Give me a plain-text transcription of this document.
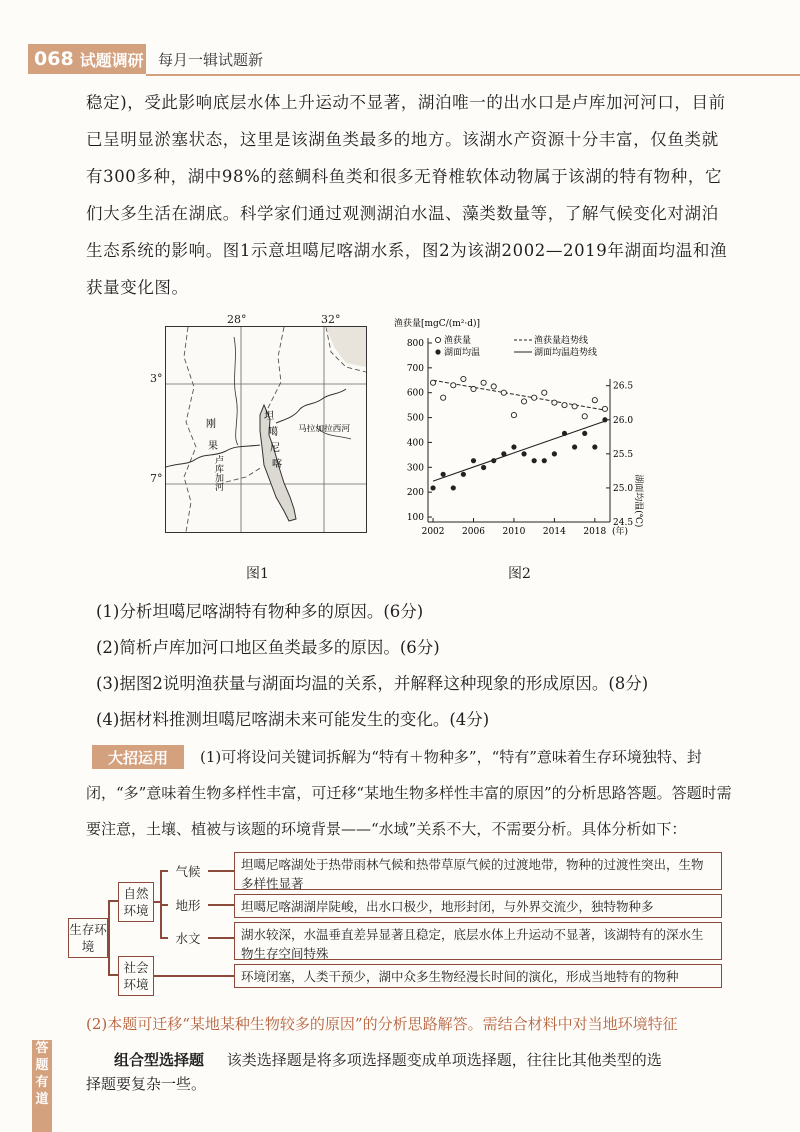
068 试题调研 每月一辑试题新
稳定)，受此影响底层水体上升运动不显著，湖泊唯一的出水口是卢库加河河口，目前
已呈明显淤塞状态，这里是该湖鱼类最多的地方。该湖水产资源十分丰富，仅鱼类就
有300多种，湖中98%的慈鲷科鱼类和很多无脊椎软体动物属于该湖的特有物种，它
们大多生活在湖底。科学家们通过观测湖泊水温、藻类数量等，了解气候变化对湖泊
生态系统的影响。图1示意坦噶尼喀湖水系，图2为该湖2002—2019年湖面均温和渔
获量变化图。
28°	32°
3°
7°
刚
果
卢库加河
坦
噶
尼
喀
马拉加拉西河
图1
100
200
300
400
500
600
700
800
24.5
25.0
25.5
26.0
26.5
2002 2006 2010 2014 2018 (年)
渔获量[mgC/(m²·d)]
湖面均温(℃)
渔获量	渔获量趋势线
湖面均温	湖面均温趋势线
图2
(1)分析坦噶尼喀湖特有物种多的原因。(6分)
(2)简析卢库加河口地区鱼类最多的原因。(6分)
(3)据图2说明渔获量与湖面均温的关系，并解释这种现象的形成原因。(8分)
(4)据材料推测坦噶尼喀湖未来可能发生的变化。(4分)
大招运用	(1)可将设问关键词拆解为“特有＋物种多”，“特有”意味着生存环境独特、封
闭，“多”意味着生物多样性丰富，可迁移“某地生物多样性丰富的原因”的分析思路答题。答题时需
要注意，土壤、植被与该题的环境背景——“水域”关系不大，不需要分析。具体分析如下：
生存环境
自然环境
社会环境
气候
地形
水文
坦噶尼喀湖处于热带雨林气候和热带草原气候的过渡地带，物种的过渡性突出，生物多样性显著
坦噶尼喀湖湖岸陡峻，出水口极少，地形封闭，与外界交流少，独特物种多
湖水较深，水温垂直差异显著且稳定，底层水体上升运动不显著，该湖特有的深水生物生存空间特殊
环境闭塞，人类干预少，湖中众多生物经漫长时间的演化，形成当地特有的物种
(2)本题可迁移“某地某种生物较多的原因”的分析思路解答。需结合材料中对当地环境特征
答
题
有
道
组合型选择题 该类选择题是将多项选择题变成单项选择题，往往比其他类型的选
择题要复杂一些。
